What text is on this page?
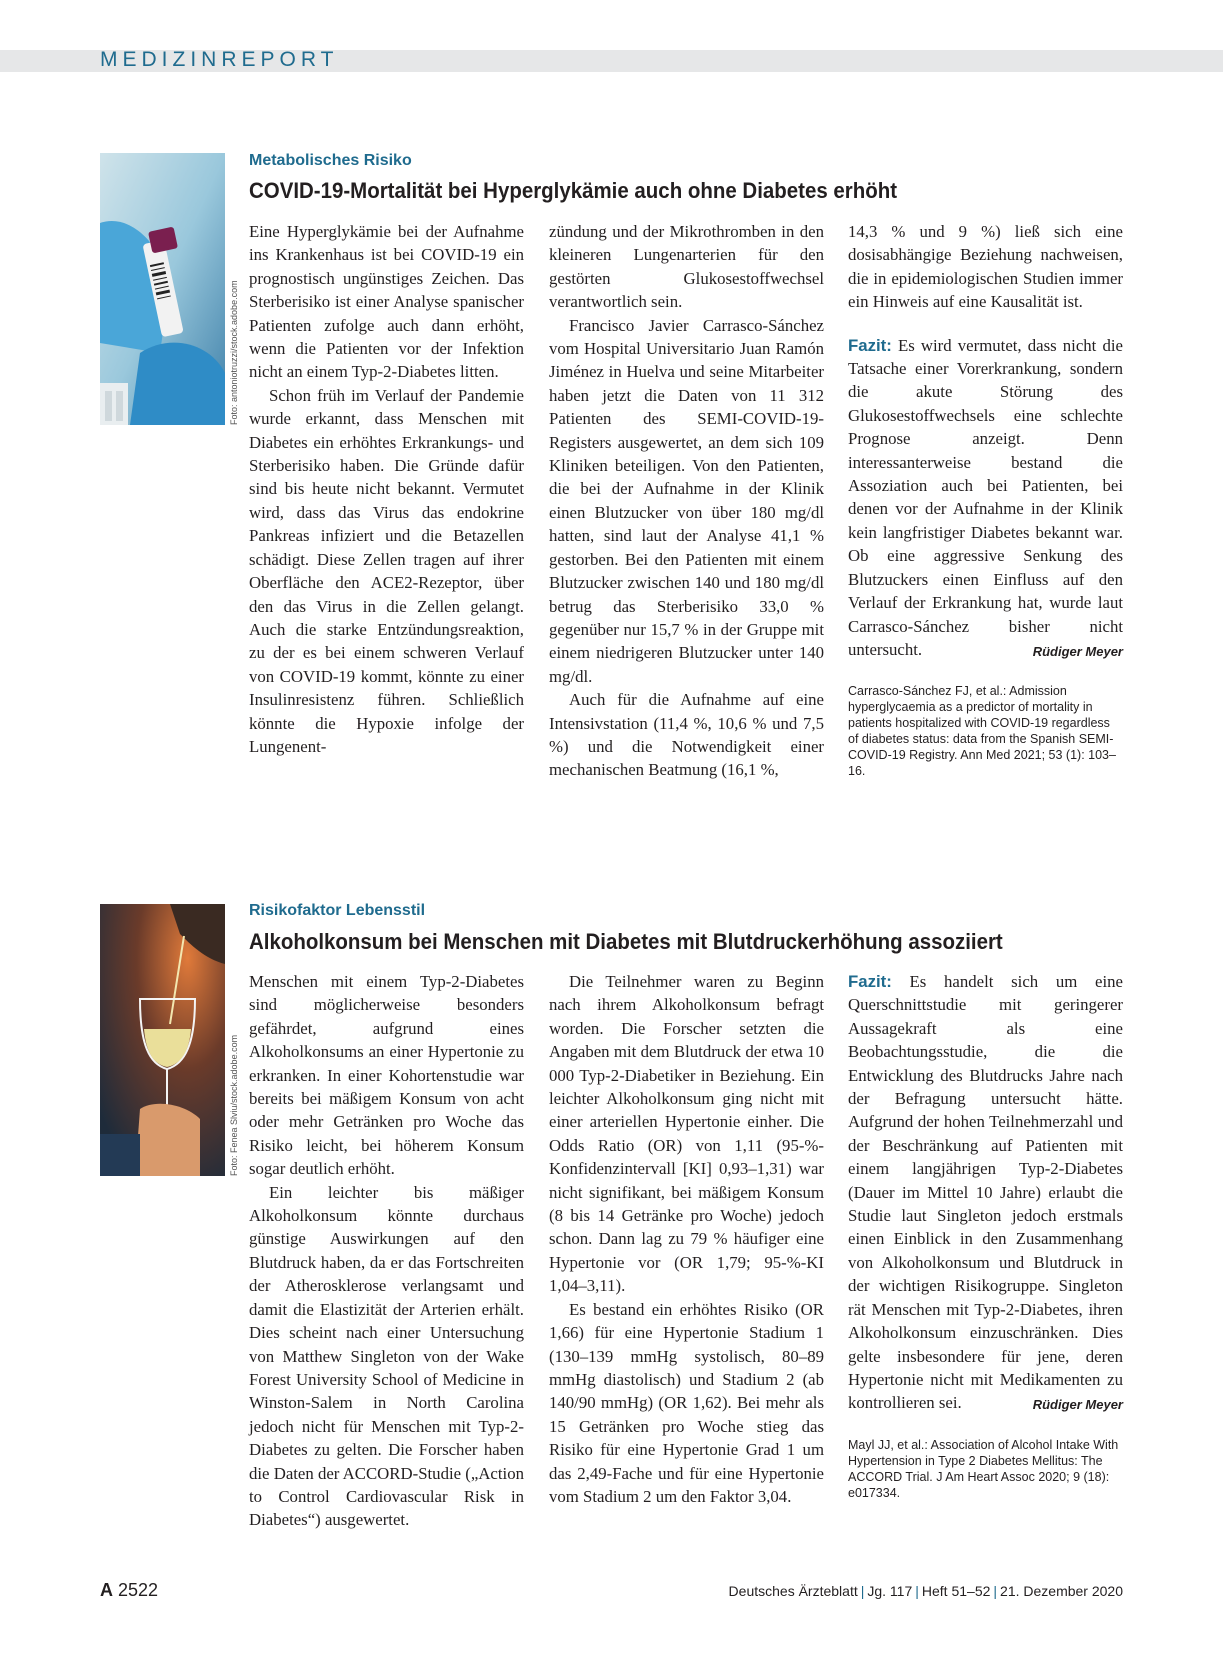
MEDIZINREPORT
Foto: antoniotruzzi/stock.adobe.com
Metabolisches Risiko
COVID-19-Mortalität bei Hyperglykämie auch ohne Diabetes erhöht

Eine Hyperglykämie bei der Aufnahme ins Krankenhaus ist bei COVID-19 ein prognostisch ungünstiges Zeichen. Das Sterberisiko ist einer Analyse spanischer Patienten zufolge auch dann erhöht, wenn die Patienten vor der Infektion nicht an einem Typ-2-Diabetes litten.

Schon früh im Verlauf der Pandemie wurde erkannt, dass Menschen mit Diabetes ein erhöhtes Erkrankungs- und Sterberisiko haben. Die Gründe dafür sind bis heute nicht bekannt. Vermutet wird, dass das Virus das endokrine Pankreas infiziert und die Betazellen schädigt. Diese Zellen tragen auf ihrer Oberfläche den ACE2-Rezeptor, über den das Virus in die Zellen gelangt. Auch die starke Entzündungsreaktion, zu der es bei einem schweren Verlauf von COVID-19 kommt, könnte zu einer Insulinresistenz führen. Schließlich könnte die Hypoxie infolge der Lungenent-

zündung und der Mikrothromben in den kleineren Lungenarterien für den gestörten Glukosestoffwechsel verantwortlich sein.

Francisco Javier Carrasco-Sánchez vom Hospital Universitario Juan Ramón Jiménez in Huelva und seine Mitarbeiter haben jetzt die Daten von 11 312 Patienten des SEMI-COVID-19-Registers ausgewertet, an dem sich 109 Kliniken beteiligen. Von den Patienten, die bei der Aufnahme in der Klinik einen Blutzucker von über 180 mg/dl hatten, sind laut der Analyse 41,1 % gestorben. Bei den Patienten mit einem Blutzucker zwischen 140 und 180 mg/dl betrug das Sterberisiko 33,0 % gegenüber nur 15,7 % in der Gruppe mit einem niedrigeren Blutzucker unter 140 mg/dl.

Auch für die Aufnahme auf eine Intensivstation (11,4 %, 10,6 % und 7,5 %) und die Notwendigkeit einer mechanischen Beatmung (16,1 %,

14,3 % und 9 %) ließ sich eine dosisabhängige Beziehung nachweisen, die in epidemiologischen Studien immer ein Hinweis auf eine Kausalität ist.

Fazit: Es wird vermutet, dass nicht die Tatsache einer Vorerkrankung, sondern die akute Störung des Glukosestoffwechsels eine schlechte Prognose anzeigt. Denn interessanterweise bestand die Assoziation auch bei Patienten, bei denen vor der Aufnahme in der Klinik kein langfristiger Diabetes bekannt war. Ob eine aggressive Senkung des Blutzuckers einen Einfluss auf den Verlauf der Erkrankung hat, wurde laut Carrasco-Sánchez bisher nicht untersucht.	Rüdiger Meyer

Carrasco-Sánchez FJ, et al.: Admission hyperglycaemia as a predictor of mortality in patients hospitalized with COVID-19 regardless of diabetes status: data from the Spanish SEMI-COVID-19 Registry. Ann Med 2021; 53 (1): 103–16.

Foto: Fenea Slviu/stock.adobe.com
Risikofaktor Lebensstil
Alkoholkonsum bei Menschen mit Diabetes mit Blutdruckerhöhung assoziiert

Menschen mit einem Typ-2-Diabetes sind möglicherweise besonders gefährdet, aufgrund eines Alkoholkonsums an einer Hypertonie zu erkranken. In einer Kohortenstudie war bereits bei mäßigem Konsum von acht oder mehr Getränken pro Woche das Risiko leicht, bei höherem Konsum sogar deutlich erhöht.

Ein leichter bis mäßiger Alkoholkonsum könnte durchaus günstige Auswirkungen auf den Blutdruck haben, da er das Fortschreiten der Atherosklerose verlangsamt und damit die Elastizität der Arterien erhält. Dies scheint nach einer Untersuchung von Matthew Singleton von der Wake Forest University School of Medicine in Winston-Salem in North Carolina jedoch nicht für Menschen mit Typ-2-Diabetes zu gelten. Die Forscher haben die Daten der ACCORD-Studie („Action to Control Cardiovascular Risk in Diabetes“) ausgewertet.

Die Teilnehmer waren zu Beginn nach ihrem Alkoholkonsum befragt worden. Die Forscher setzten die Angaben mit dem Blutdruck der etwa 10 000 Typ-2-Diabetiker in Beziehung. Ein leichter Alkoholkonsum ging nicht mit einer arteriellen Hypertonie einher. Die Odds Ratio (OR) von 1,11 (95-%-Konfidenzintervall [KI] 0,93–1,31) war nicht signifikant, bei mäßigem Konsum (8 bis 14 Getränke pro Woche) jedoch schon. Dann lag zu 79 % häufiger eine Hypertonie vor (OR 1,79; 95-%-KI 1,04–3,11).

Es bestand ein erhöhtes Risiko (OR 1,66) für eine Hypertonie Stadium 1 (130–139 mmHg systolisch, 80–89 mmHg diastolisch) und Stadium 2 (ab 140/90 mmHg) (OR 1,62). Bei mehr als 15 Getränken pro Woche stieg das Risiko für eine Hypertonie Grad 1 um das 2,49-Fache und für eine Hypertonie vom Stadium 2 um den Faktor 3,04.

Fazit: Es handelt sich um eine Querschnittstudie mit geringerer Aussagekraft als eine Beobachtungsstudie, die die Entwicklung des Blutdrucks Jahre nach der Befragung untersucht hätte. Aufgrund der hohen Teilnehmerzahl und der Beschränkung auf Patienten mit einem langjährigen Typ-2-Diabetes (Dauer im Mittel 10 Jahre) erlaubt die Studie laut Singleton jedoch erstmals einen Einblick in den Zusammenhang von Alkoholkonsum und Blutdruck in der wichtigen Risikogruppe. Singleton rät Menschen mit Typ-2-Diabetes, ihren Alkoholkonsum einzuschränken. Dies gelte insbesondere für jene, deren Hypertonie nicht mit Medikamenten zu kontrollieren sei.	Rüdiger Meyer

Mayl JJ, et al.: Association of Alcohol Intake With Hypertension in Type 2 Diabetes Mellitus: The ACCORD Trial. J Am Heart Assoc 2020; 9 (18): e017334.

A 2522	Deutsches Ärzteblatt | Jg. 117 | Heft 51–52 | 21. Dezember 2020
